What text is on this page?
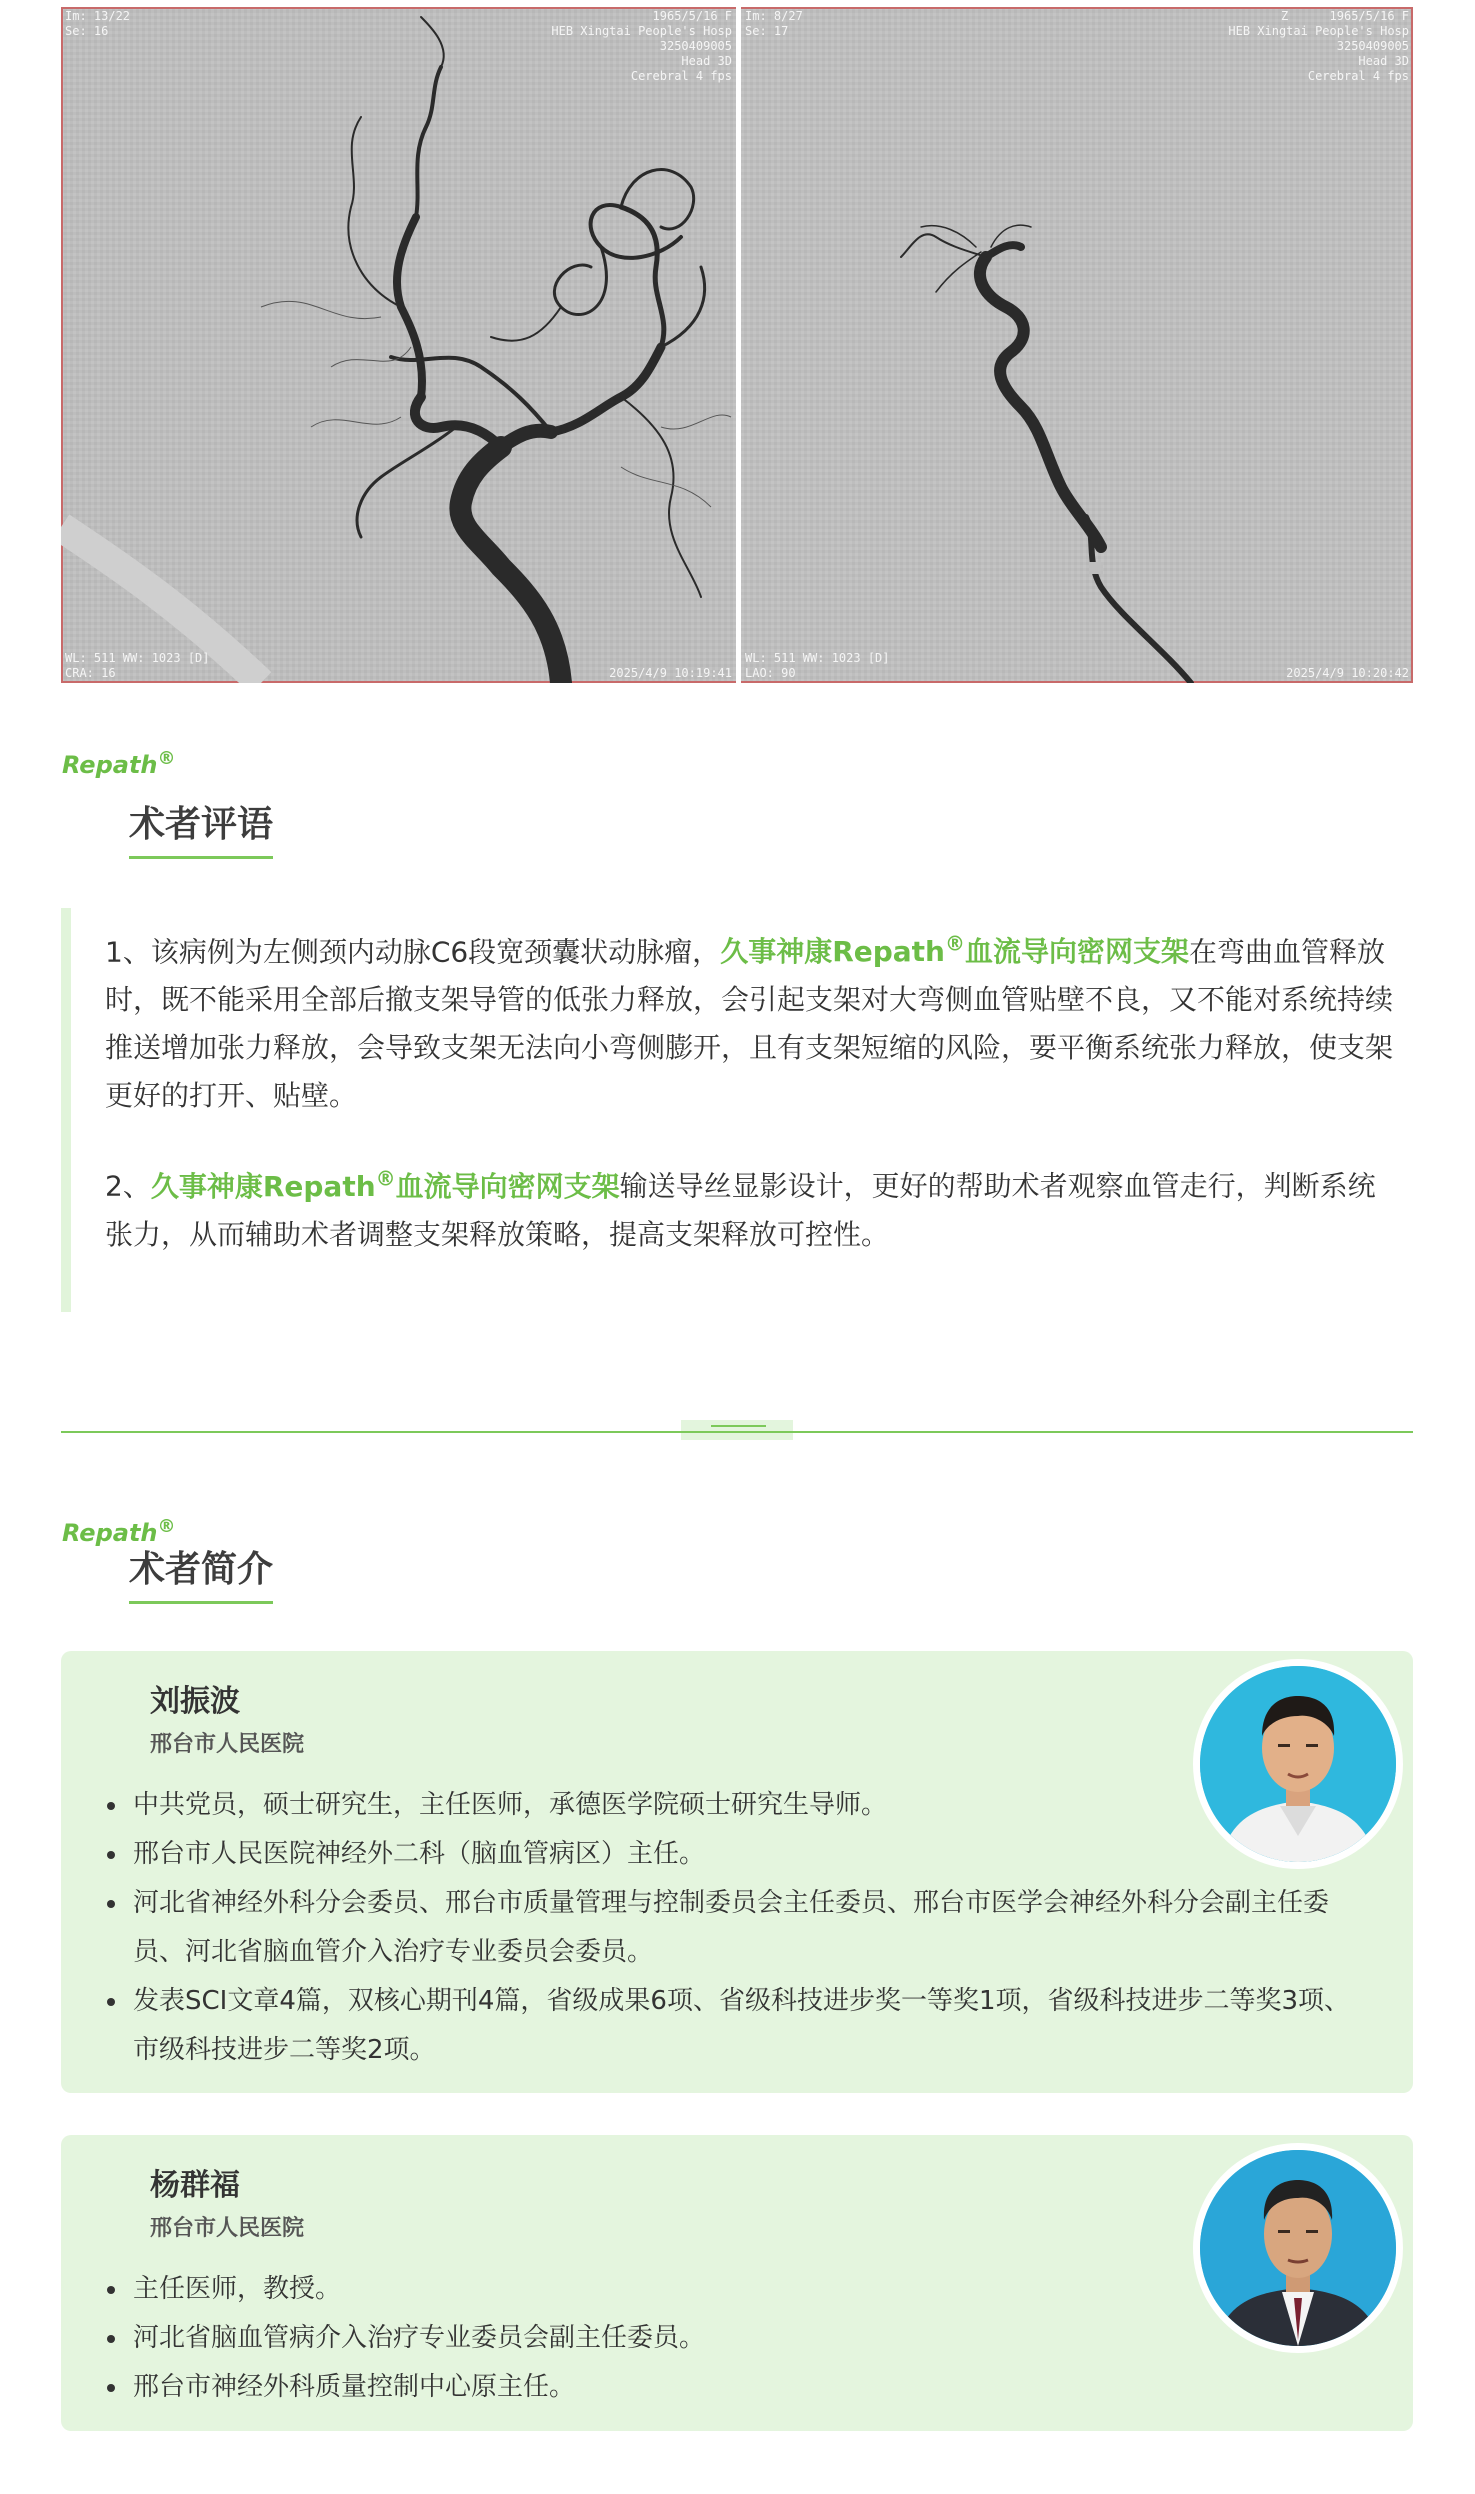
Im: 13/22
Se: 16
1965/5/16 F
HEB Xingtai People's Hosp
3250409005
Head 3D
Cerebral 4 fps
WL: 511 WW: 1023 [D]
CRA: 16	2025/4/9 10:19:41
Im: 8/27
Se: 17
Z	1965/5/16 F
HEB Xingtai People's Hosp
3250409005
Head 3D
Cerebral 4 fps
WL: 511 WW: 1023 [D]
LAO: 90	2025/4/9 10:20:42
Repath®
术者评语

1、该病例为左侧颈内动脉C6段宽颈囊状动脉瘤，久事神康Repath®血流导向密网支架在弯曲血管释放时，既不能采用全部后撤支架导管的低张力释放，会引起支架对大弯侧血管贴壁不良，又不能对系统持续推送增加张力释放，会导致支架无法向小弯侧膨开，且有支架短缩的风险，要平衡系统张力释放，使支架更好的打开、贴壁。

2、久事神康Repath®血流导向密网支架输送导丝显影设计，更好的帮助术者观察血管走行，判断系统张力，从而辅助术者调整支架释放策略，提高支架释放可控性。

Repath®
术者简介
刘振波
邢台市人民医院
中共党员，硕士研究生，主任医师，承德医学院硕士研究生导师。
邢台市人民医院神经外二科（脑血管病区）主任。
河北省神经外科分会委员、邢台市质量管理与控制委员会主任委员、邢台市医学会神经外科分会副主任委员、河北省脑血管介入治疗专业委员会委员。
发表SCI文章4篇，双核心期刊4篇，省级成果6项、省级科技进步奖一等奖1项，省级科技进步二等奖3项、市级科技进步二等奖2项。
杨群福
邢台市人民医院
主任医师，教授。
河北省脑血管病介入治疗专业委员会副主任委员。
邢台市神经外科质量控制中心原主任。
